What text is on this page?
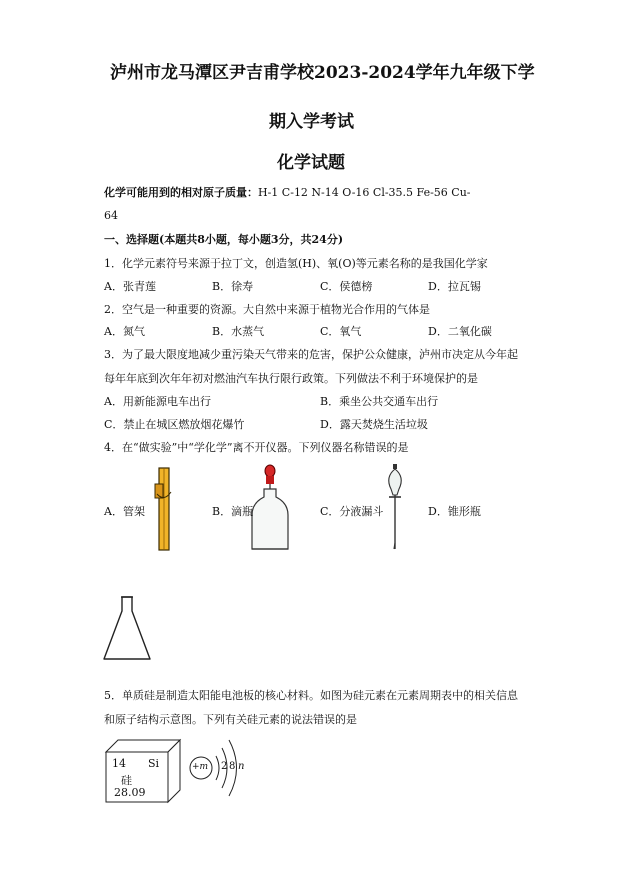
泸州市龙马潭区尹吉甫学校2023-2024学年九年级下学
期入学考试
化学试题
化学可能用到的相对原子质量：H-1 C-12 N-14 O-16 Cl-35.5 Fe-56 Cu-
64
一、选择题(本题共8小题，每小题3分，共24分)
1．化学元素符号来源于拉丁文，创造氢(H)、氧(O)等元素名称的是我国化学家
A．张青莲	B．徐寿	C．侯德榜	D．拉瓦锡
2．空气是一种重要的资源。大自然中来源于植物光合作用的气体是
A．氮气	B．水蒸气	C．氧气	D．二氧化碳
3．为了最大限度地减少重污染天气带来的危害，保护公众健康，泸州市决定从今年起
每年年底到次年年初对燃油汽车执行限行政策。下列做法不利于环境保护的是
A．用新能源电车出行	B．乘坐公共交通车出行
C．禁止在城区燃放烟花爆竹	D．露天焚烧生活垃圾
4．在“做实验”中“学化学”离不开仪器。下列仪器名称错误的是
A．管架	B．滴瓶	C．分液漏斗	D．锥形瓶
5．单质硅是制造太阳能电池板的核心材料。如图为硅元素在元素周期表中的相关信息
和原子结构示意图。下列有关硅元素的说法错误的是
14 Si
硅
28.09
+m 2 8 n
